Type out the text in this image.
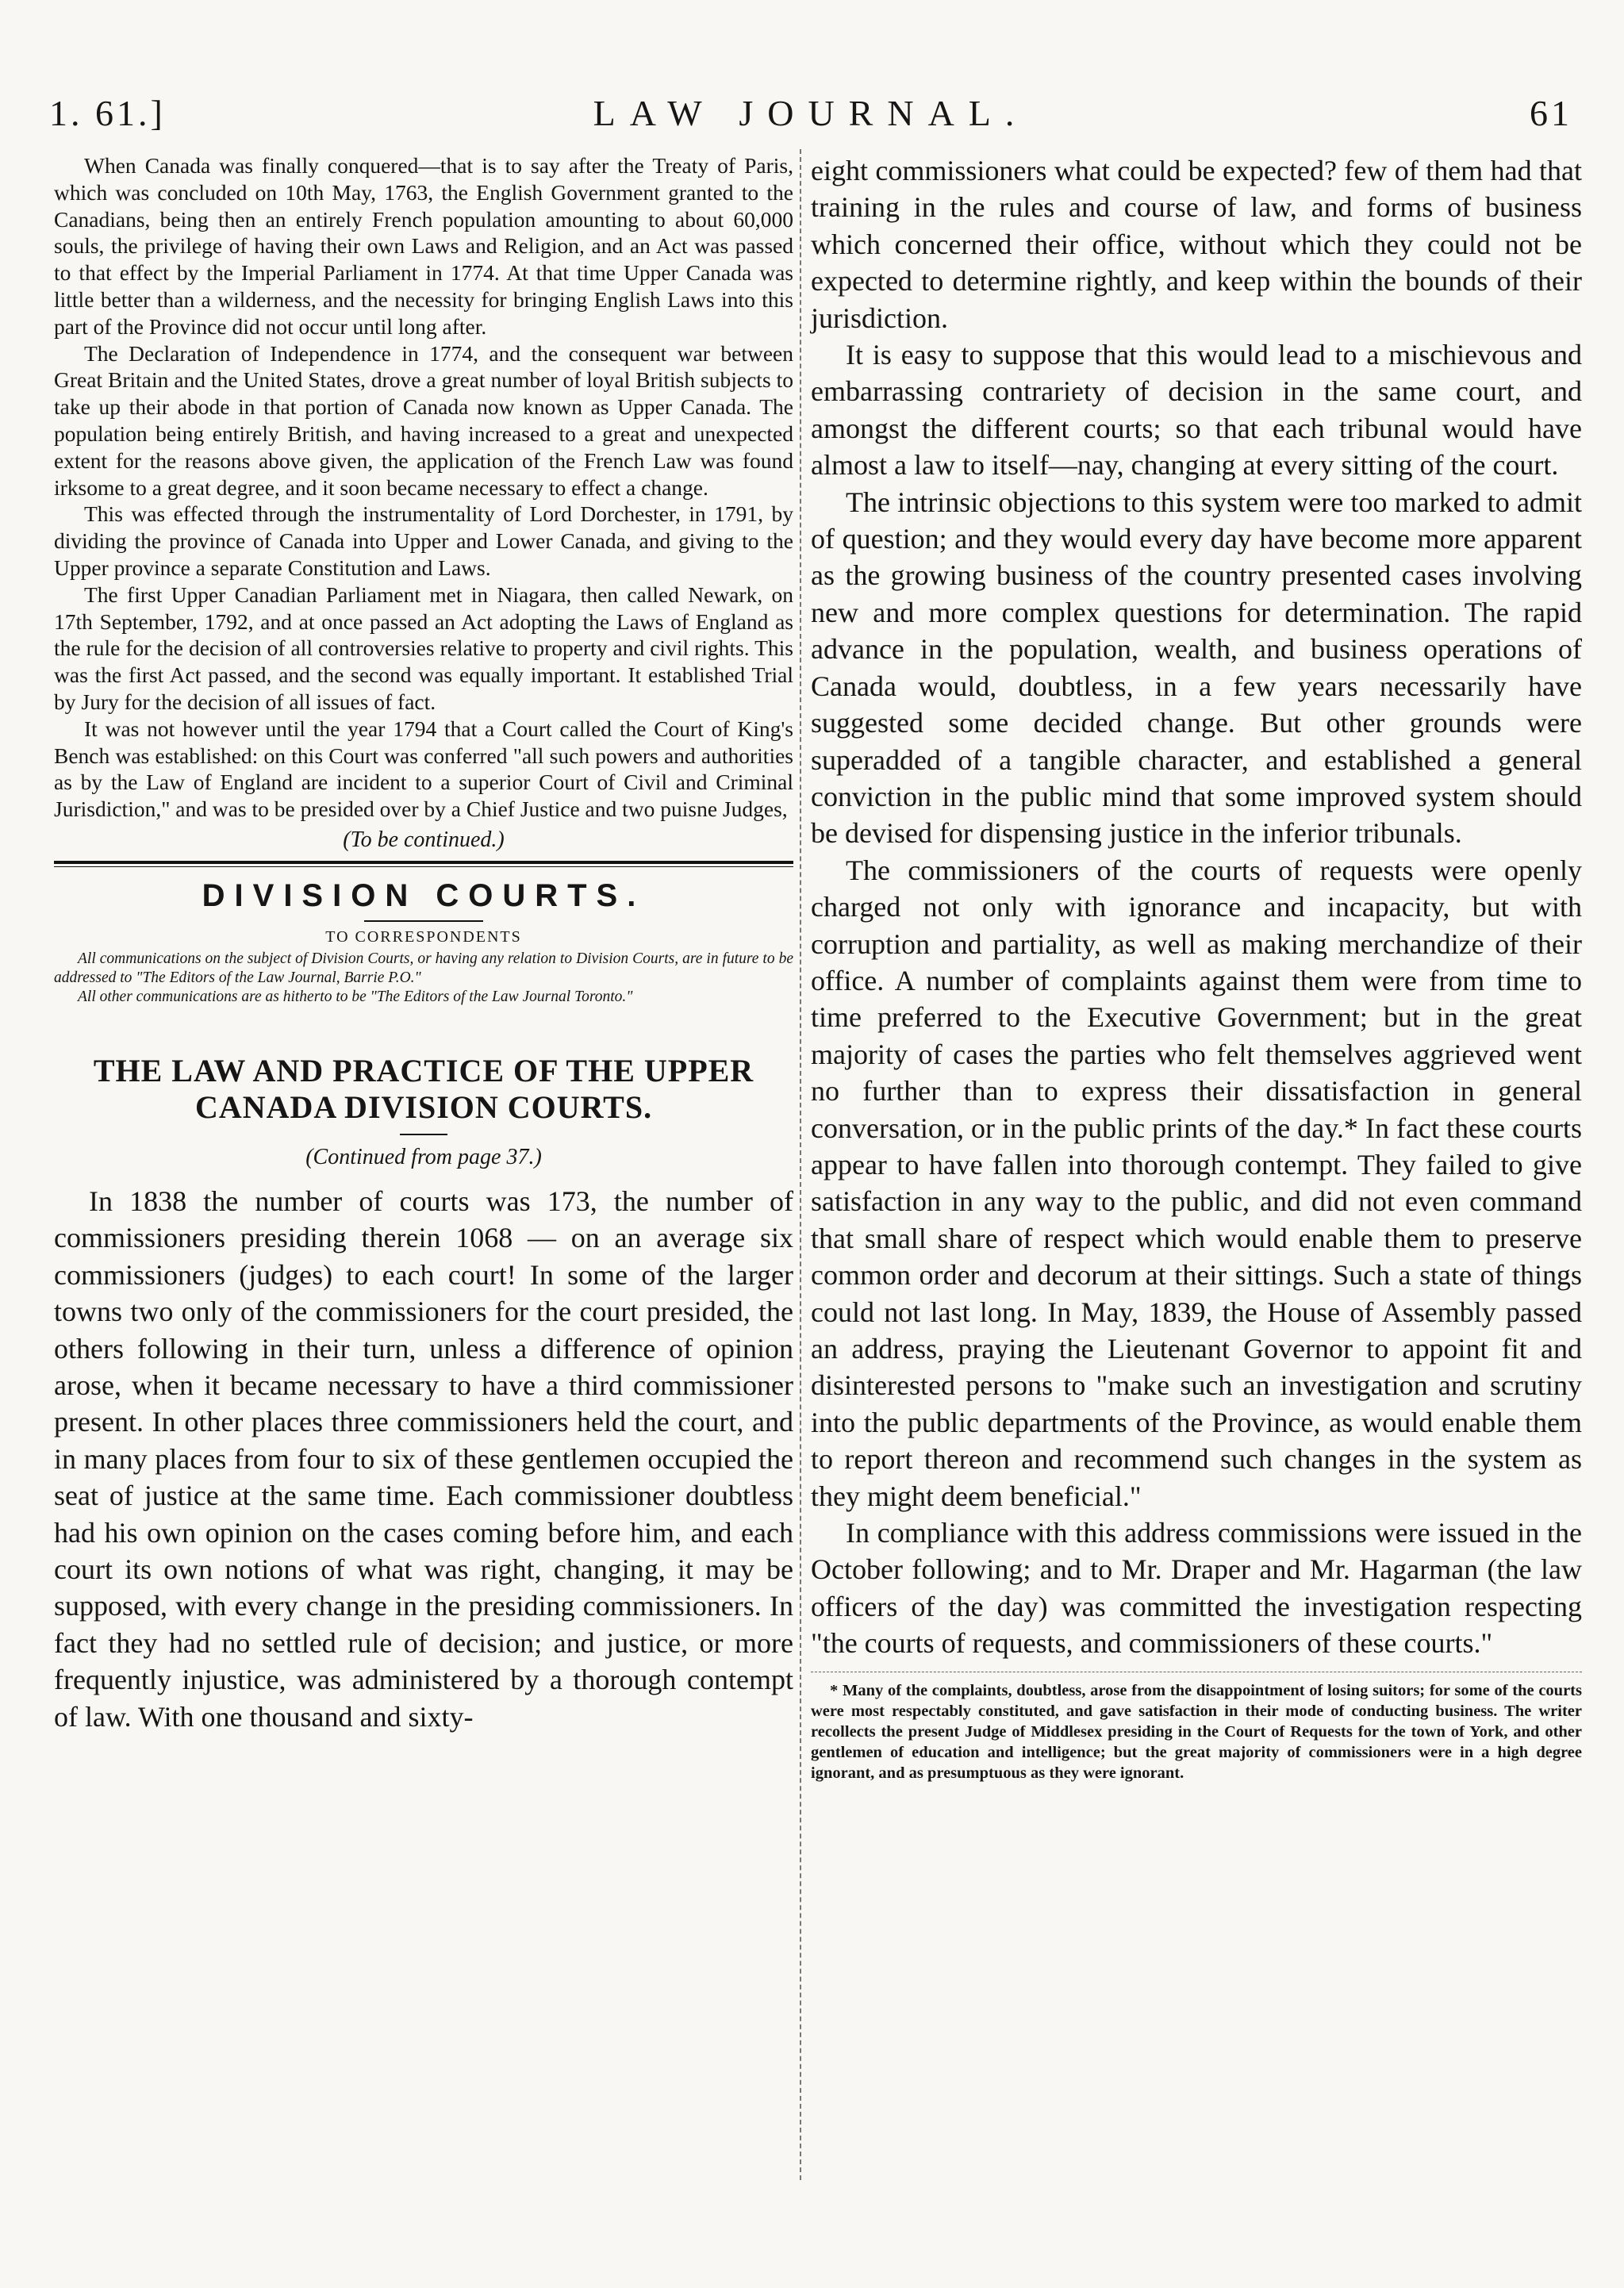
1. 61.]	LAW JOURNAL.	61

When Canada was finally conquered—that is to say after the Treaty of Paris, which was concluded on 10th May, 1763, the English Government granted to the Canadians, being then an entirely French population amounting to about 60,000 souls, the privilege of having their own Laws and Religion, and an Act was passed to that effect by the Imperial Parliament in 1774. At that time Upper Canada was little better than a wilderness, and the necessity for bringing English Laws into this part of the Province did not occur until long after.

The Declaration of Independence in 1774, and the consequent war between Great Britain and the United States, drove a great number of loyal British subjects to take up their abode in that portion of Canada now known as Upper Canada. The population being entirely British, and having increased to a great and unexpected extent for the reasons above given, the application of the French Law was found irksome to a great degree, and it soon became necessary to effect a change.

This was effected through the instrumentality of Lord Dorchester, in 1791, by dividing the province of Canada into Upper and Lower Canada, and giving to the Upper province a separate Constitution and Laws.

The first Upper Canadian Parliament met in Niagara, then called Newark, on 17th September, 1792, and at once passed an Act adopting the Laws of England as the rule for the decision of all controversies relative to property and civil rights. This was the first Act passed, and the second was equally important. It established Trial by Jury for the decision of all issues of fact.

It was not however until the year 1794 that a Court called the Court of King's Bench was established: on this Court was conferred "all such powers and authorities as by the Law of England are incident to a superior Court of Civil and Criminal Jurisdiction," and was to be presided over by a Chief Justice and two puisne Judges,

(To be continued.)
DIVISION COURTS.
TO CORRESPONDENTS

All communications on the subject of Division Courts, or having any relation to Division Courts, are in future to be addressed to "The Editors of the Law Journal, Barrie P.O."

All other communications are as hitherto to be "The Editors of the Law Journal Toronto."

THE LAW AND PRACTICE OF THE UPPER CANADA DIVISION COURTS.
(Continued from page 37.)

In 1838 the number of courts was 173, the number of commissioners presiding therein 1068 — on an average six commissioners (judges) to each court! In some of the larger towns two only of the commissioners for the court presided, the others following in their turn, unless a difference of opinion arose, when it became necessary to have a third commissioner present. In other places three commissioners held the court, and in many places from four to six of these gentlemen occupied the seat of justice at the same time. Each commissioner doubtless had his own opinion on the cases coming before him, and each court its own notions of what was right, changing, it may be supposed, with every change in the presiding commissioners. In fact they had no settled rule of decision; and justice, or more frequently injustice, was administered by a thorough contempt of law. With one thousand and sixty-

eight commissioners what could be expected? few of them had that training in the rules and course of law, and forms of business which concerned their office, without which they could not be expected to determine rightly, and keep within the bounds of their jurisdiction.

It is easy to suppose that this would lead to a mischievous and embarrassing contrariety of decision in the same court, and amongst the different courts; so that each tribunal would have almost a law to itself—nay, changing at every sitting of the court.

The intrinsic objections to this system were too marked to admit of question; and they would every day have become more apparent as the growing business of the country presented cases involving new and more complex questions for determination. The rapid advance in the population, wealth, and business operations of Canada would, doubtless, in a few years necessarily have suggested some decided change. But other grounds were superadded of a tangible character, and established a general conviction in the public mind that some improved system should be devised for dispensing justice in the inferior tribunals.

The commissioners of the courts of requests were openly charged not only with ignorance and incapacity, but with corruption and partiality, as well as making merchandize of their office. A number of complaints against them were from time to time preferred to the Executive Government; but in the great majority of cases the parties who felt themselves aggrieved went no further than to express their dissatisfaction in general conversation, or in the public prints of the day.* In fact these courts appear to have fallen into thorough contempt. They failed to give satisfaction in any way to the public, and did not even command that small share of respect which would enable them to preserve common order and decorum at their sittings. Such a state of things could not last long. In May, 1839, the House of Assembly passed an address, praying the Lieutenant Governor to appoint fit and disinterested persons to "make such an investigation and scrutiny into the public departments of the Province, as would enable them to report thereon and recommend such changes in the system as they might deem beneficial."

In compliance with this address commissions were issued in the October following; and to Mr. Draper and Mr. Hagarman (the law officers of the day) was committed the investigation respecting "the courts of requests, and commissioners of these courts."

* Many of the complaints, doubtless, arose from the disappointment of losing suitors; for some of the courts were most respectably constituted, and gave satisfaction in their mode of conducting business. The writer recollects the present Judge of Middlesex presiding in the Court of Requests for the town of York, and other gentlemen of education and intelligence; but the great majority of commissioners were in a high degree ignorant, and as presumptuous as they were ignorant.
